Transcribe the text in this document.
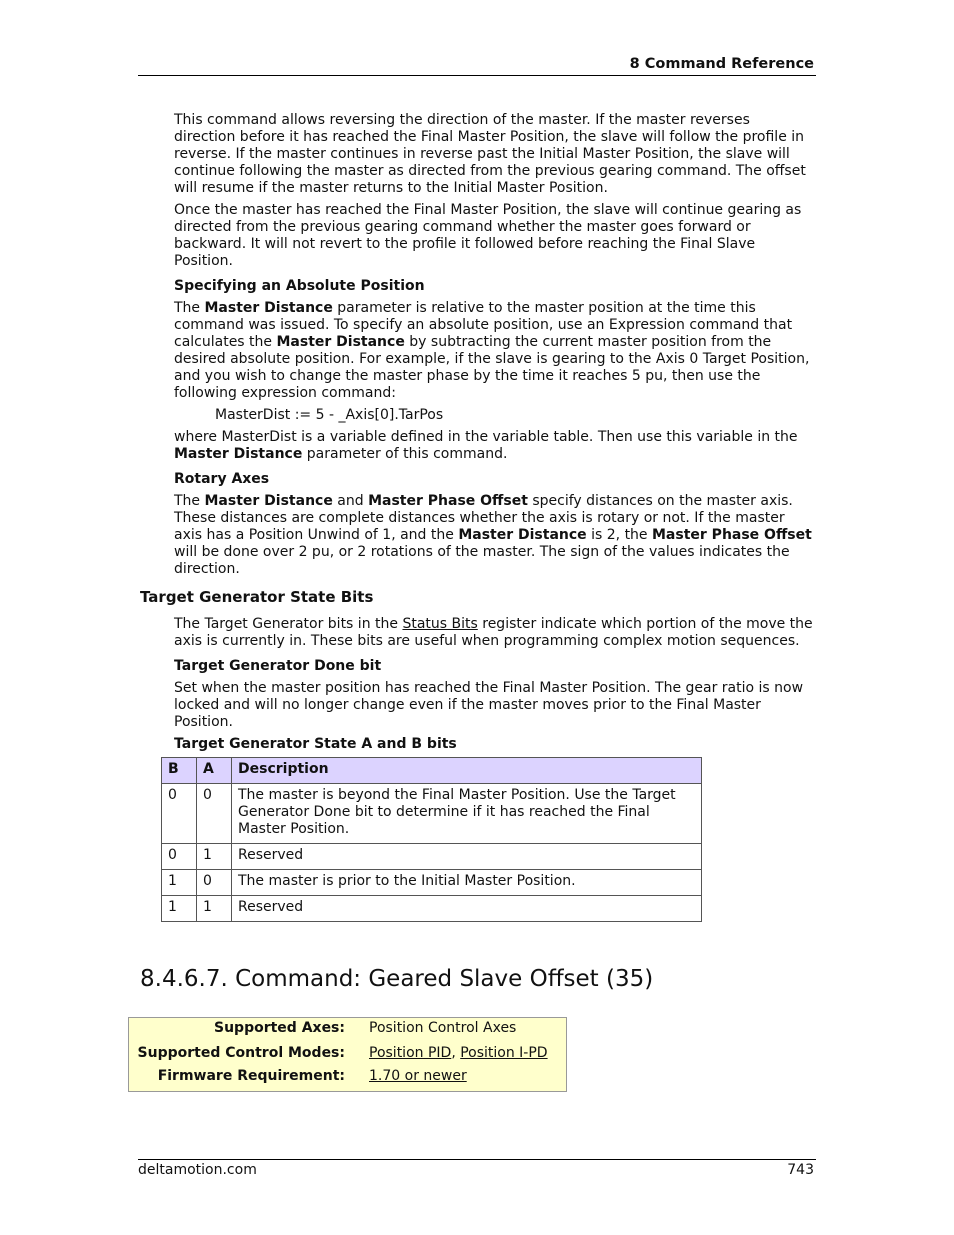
8 Command Reference

This command allows reversing the direction of the master. If the master reverses direction before it has reached the Final Master Position, the slave will follow the profile in reverse. If the master continues in reverse past the Initial Master Position, the slave will continue following the master as directed from the previous gearing command. The offset will resume if the master returns to the Initial Master Position.

Once the master has reached the Final Master Position, the slave will continue gearing as directed from the previous gearing command whether the master goes forward or backward. It will not revert to the profile it followed before reaching the Final Slave Position.

Specifying an Absolute Position

The Master Distance parameter is relative to the master position at the time this command was issued. To specify an absolute position, use an Expression command that calculates the Master Distance by subtracting the current master position from the desired absolute position. For example, if the slave is gearing to the Axis 0 Target Position, and you wish to change the master phase by the time it reaches 5 pu, then use the following expression command:

MasterDist := 5 - _Axis[0].TarPos

where MasterDist is a variable defined in the variable table. Then use this variable in the Master Distance parameter of this command.

Rotary Axes

The Master Distance and Master Phase Offset specify distances on the master axis. These distances are complete distances whether the axis is rotary or not. If the master axis has a Position Unwind of 1, and the Master Distance is 2, the Master Phase Offset will be done over 2 pu, or 2 rotations of the master. The sign of the values indicates the direction.

Target Generator State Bits

The Target Generator bits in the Status Bits register indicate which portion of the move the axis is currently in. These bits are useful when programming complex motion sequences.

Target Generator Done bit

Set when the master position has reached the Final Master Position. The gear ratio is now locked and will no longer change even if the master moves prior to the Final Master Position.

Target Generator State A and B bits
B	A	Description
0	0	The master is beyond the Final Master Position. Use the Target Generator Done bit to determine if it has reached the Final Master Position.
0	1	Reserved
1	0	The master is prior to the Initial Master Position.
1	1	Reserved
8.4.6.7. Command: Geared Slave Offset (35)
Supported Axes: Position Control Axes
Supported Control Modes: Position PID, Position I-PD
Firmware Requirement: 1.70 or newer
deltamotion.com	743
